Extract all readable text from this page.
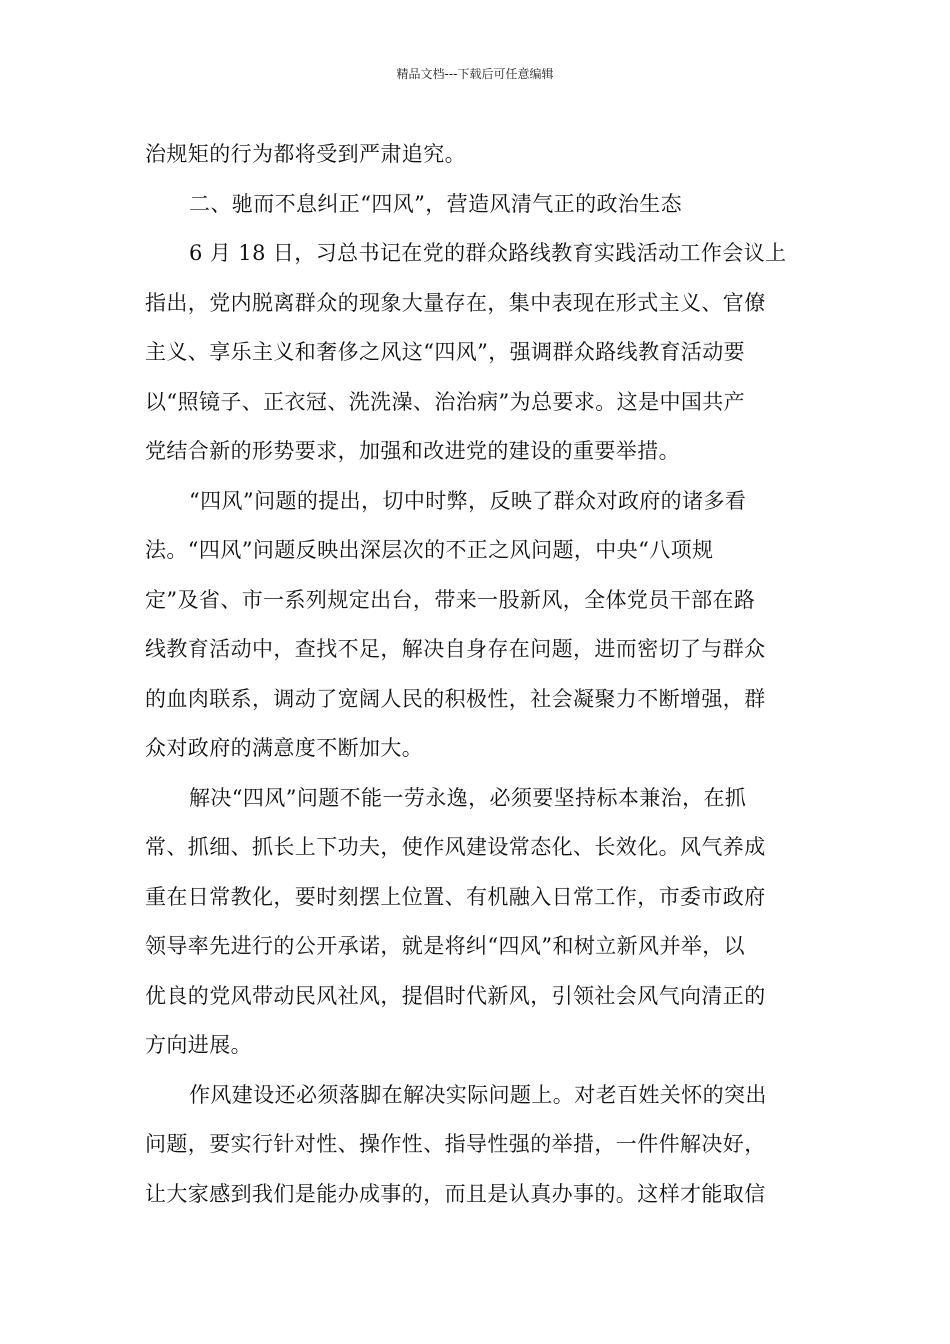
精品文档---下载后可任意编辑
治规矩的行为都将受到严肃追究。
二、驰而不息纠正“四风”，营造风清气正的政治生态
6 月 18 日，习总书记在党的群众路线教育实践活动工作会议上
指出，党内脱离群众的现象大量存在，集中表现在形式主义、官僚
主义、享乐主义和奢侈之风这“四风”，强调群众路线教育活动要
以“照镜子、正衣冠、洗洗澡、治治病”为总要求。这是中国共产
党结合新的形势要求，加强和改进党的建设的重要举措。
“四风”问题的提出，切中时弊，反映了群众对政府的诸多看
法。“四风”问题反映出深层次的不正之风问题，中央“八项规
定”及省、市一系列规定出台，带来一股新风，全体党员干部在路
线教育活动中，查找不足，解决自身存在问题，进而密切了与群众
的血肉联系，调动了宽阔人民的积极性，社会凝聚力不断增强，群
众对政府的满意度不断加大。
解决“四风”问题不能一劳永逸，必须要坚持标本兼治，在抓
常、抓细、抓长上下功夫，使作风建设常态化、长效化。风气养成
重在日常教化，要时刻摆上位置、有机融入日常工作，市委市政府
领导率先进行的公开承诺，就是将纠“四风”和树立新风并举，以
优良的党风带动民风社风，提倡时代新风，引领社会风气向清正的
方向进展。
作风建设还必须落脚在解决实际问题上。对老百姓关怀的突出
问题，要实行针对性、操作性、指导性强的举措，一件件解决好，
让大家感到我们是能办成事的，而且是认真办事的。这样才能取信
